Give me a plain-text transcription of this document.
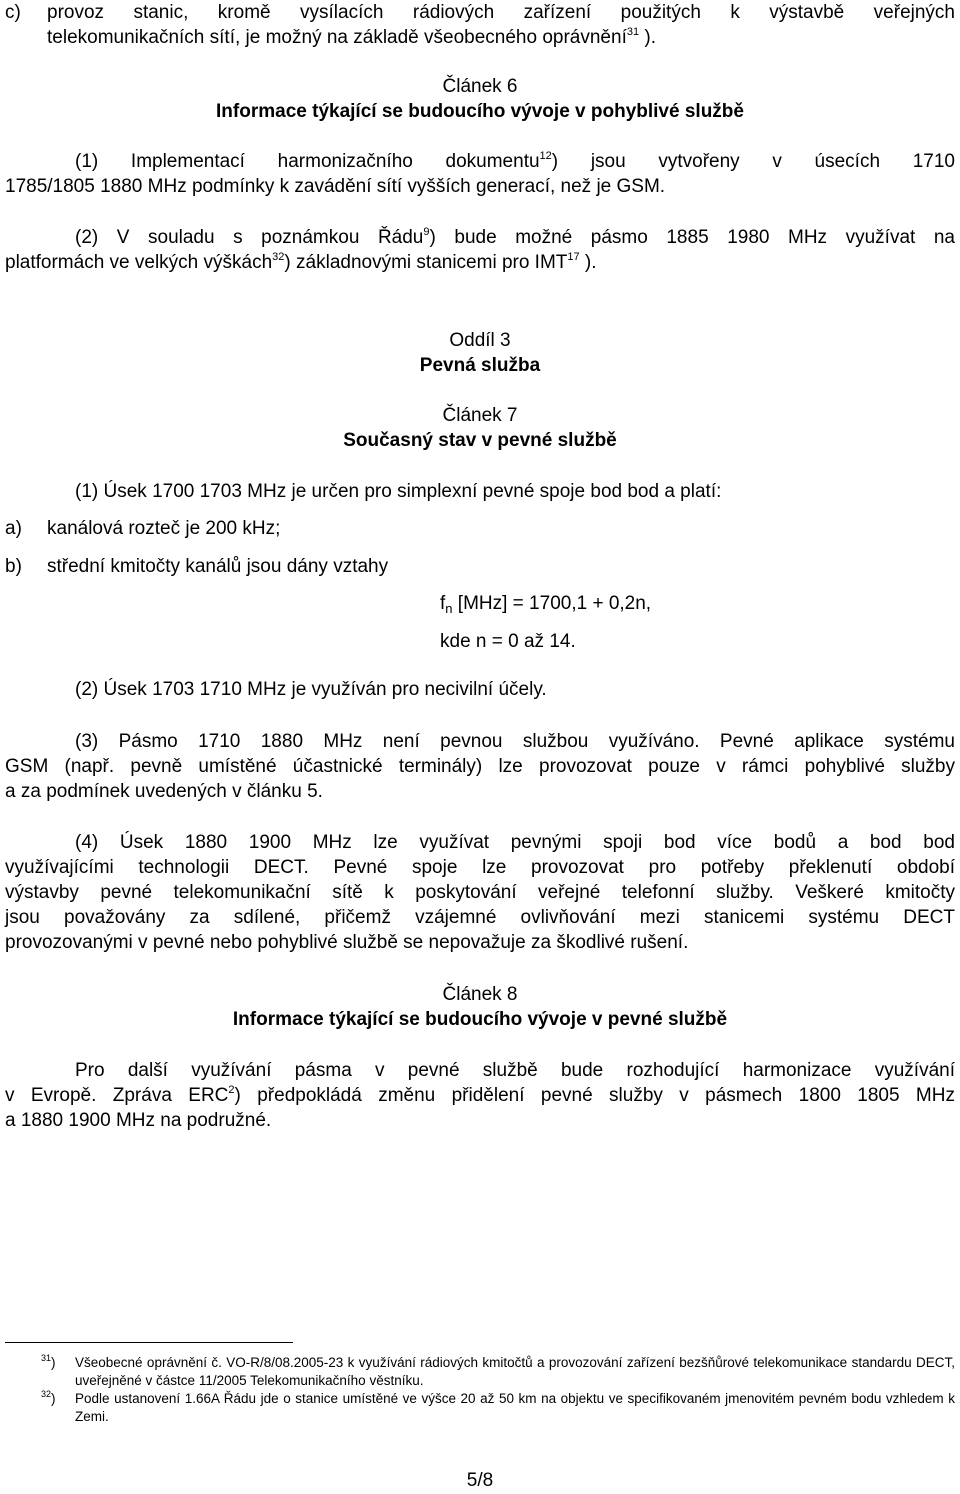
c) provoz stanic, kromě vysílacích rádiových zařízení použitých k výstavbě veřejných
telekomunikačních sítí, je možný na základě všeobecného oprávnění$^{31}$ ).
Článek 6
Informace týkající se budoucího vývoje v pohyblivé službě
(1) Implementací harmonizačního dokumentu$^{12}$) jsou vytvořeny v úsecích 1710
1785/1805 1880 MHz podmínky k zavádění sítí vyšších generací, než je GSM.
(2) V souladu s poznámkou Řádu$^9$) bude možné pásmo 1885 1980 MHz využívat na
platformách ve velkých výškách$^{32}$) základnovými stanicemi pro IMT$^{17}$ ).
Oddíl 3
Pevná služba
Článek 7
Současný stav v pevné službě
(1) Úsek 1700 1703 MHz je určen pro simplexní pevné spoje bod bod a platí:
a) kanálová rozteč je 200 kHz;
b) střední kmitočty kanálů jsou dány vztahy
$f_n$ [MHz] = 1700,1 + 0,2n,
kde n = 0 až 14.
(2) Úsek 1703 1710 MHz je využíván pro necivilní účely.
(3) Pásmo 1710 1880 MHz není pevnou službou využíváno. Pevné aplikace systému
GSM (např. pevně umístěné účastnické terminály) lze provozovat pouze v rámci pohyblivé služby
a za podmínek uvedených v článku 5.
(4) Úsek 1880 1900 MHz lze využívat pevnými spoji bod více bodů a bod bod
využívajícími technologii DECT. Pevné spoje lze provozovat pro potřeby překlenutí období
výstavby pevné telekomunikační sítě k poskytování veřejné telefonní služby. Veškeré kmitočty
jsou považovány za sdílené, přičemž vzájemné ovlivňování mezi stanicemi systému DECT
provozovanými v pevné nebo pohyblivé službě se nepovažuje za škodlivé rušení.
Článek 8
Informace týkající se budoucího vývoje v pevné službě
Pro další využívání pásma v pevné službě bude rozhodující harmonizace využívání
v Evropě. Zpráva ERC$^2$) předpokládá změnu přidělení pevné služby v pásmech 1800 1805 MHz
a 1880 1900 MHz na podružné.
$^{31}$) Všeobecné oprávnění č. VO-R/8/08.2005-23 k využívání rádiových kmitočtů a provozování zařízení bezšňůrové telekomunikace standardu DECT, uveřejněné v částce 11/2005 Telekomunikačního věstníku.
$^{32}$) Podle ustanovení 1.66A Řádu jde o stanice umístěné ve výšce 20 až 50 km na objektu ve specifikovaném jmenovitém pevném bodu vzhledem k Zemi.
5/8
